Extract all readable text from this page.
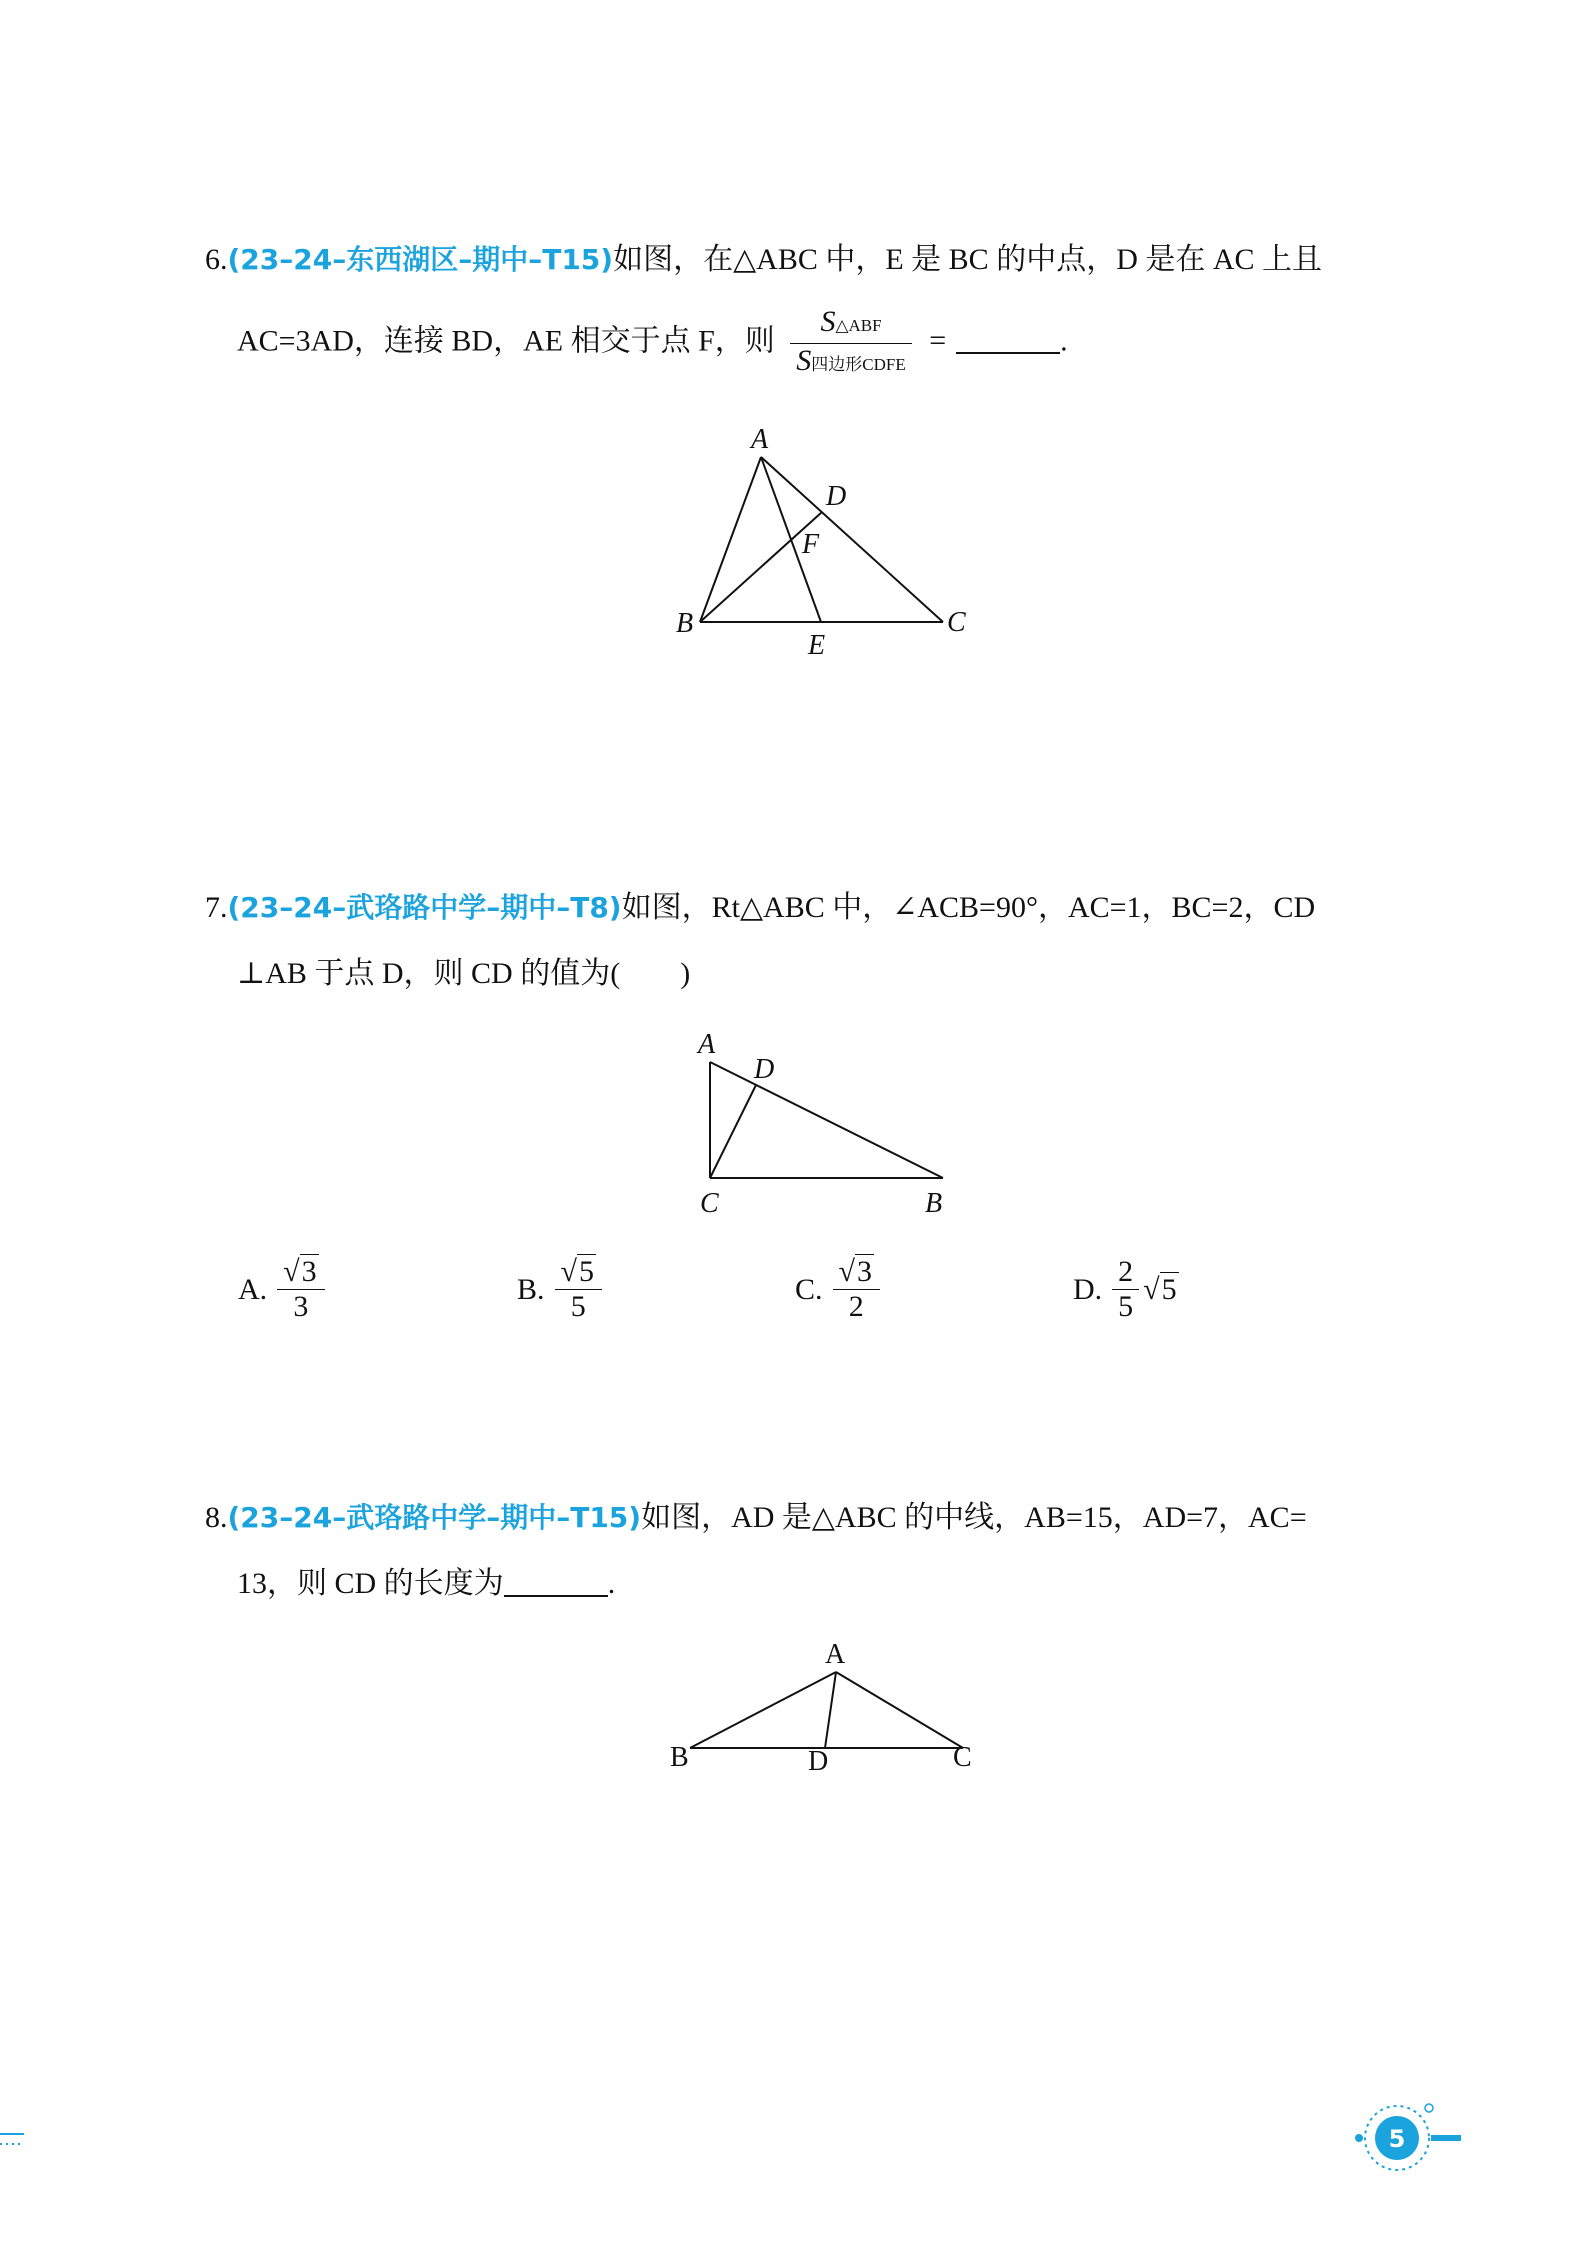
6.(23–24–东西湖区–期中–T15)如图，在△ABC 中，E 是 BC 的中点，D 是在 AC 上且
AC=3AD，连接 BD，AE 相交于点 F，则 $\frac{\text{S△ABF}}{\text{S四边形CDFE}}$ =	.
A
D
F
B
E
C
7.(23–24–武珞路中学–期中–T8)如图，Rt△ABC 中，∠ACB=90°，AC=1，BC=2，CD
⊥AB 于点 D，则 CD 的值为(　　)
A
D
C	B
A. $\frac{√3}{3}$	B. $\frac{√5}{5}$	C. $\frac{√3}{2}$	D. $\frac{2}{5} √5$
8.(23–24–武珞路中学–期中–T15)如图，AD 是△ABC 的中线，AB=15，AD=7，AC=
13，则 CD 的长度为	.
A
B	D	C
5
